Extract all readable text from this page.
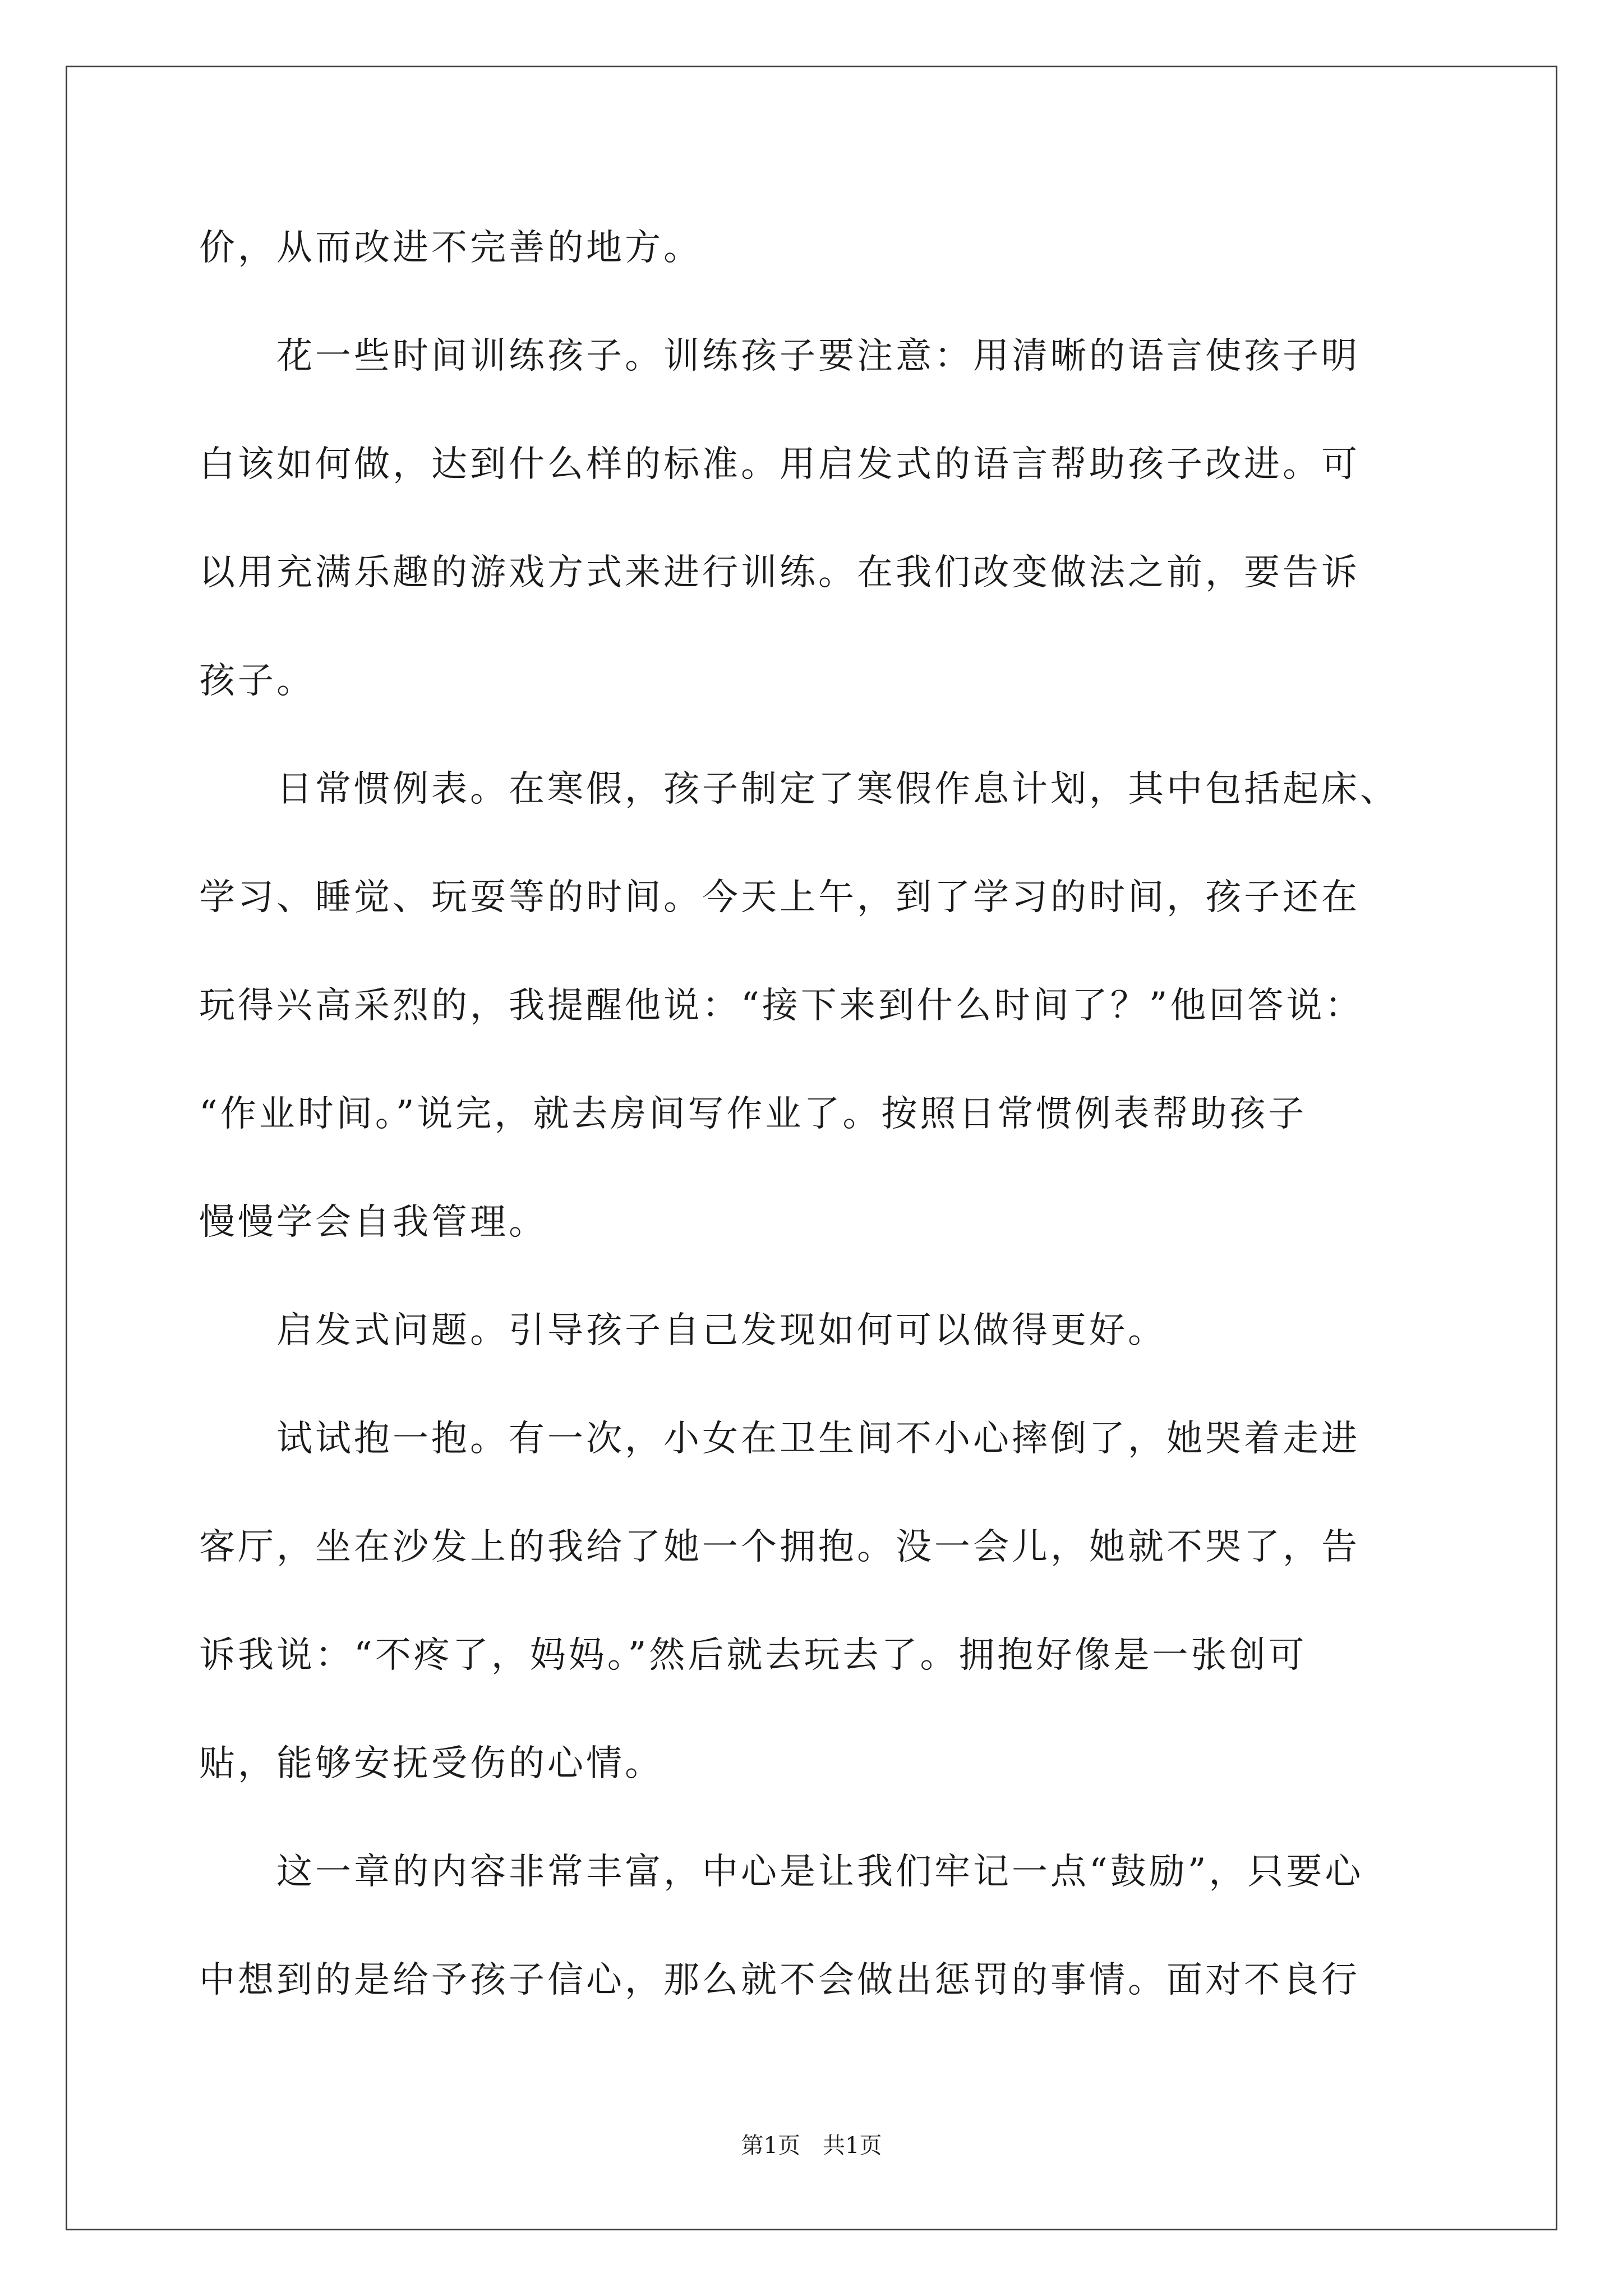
价，从而改进不完善的地方。

　　花一些时间训练孩子。训练孩子要注意：用清晰的语言使孩子明

白该如何做，达到什么样的标准。用启发式的语言帮助孩子改进。可

以用充满乐趣的游戏方式来进行训练。在我们改变做法之前，要告诉

孩子。

　　日常惯例表。在寒假，孩子制定了寒假作息计划，其中包括起床、

学习、睡觉、玩耍等的时间。今天上午，到了学习的时间，孩子还在

玩得兴高采烈的，我提醒他说：“接下来到什么时间了？”他回答说：

“作业时间。”说完，就去房间写作业了。按照日常惯例表帮助孩子

慢慢学会自我管理。

　　启发式问题。引导孩子自己发现如何可以做得更好。

　　试试抱一抱。有一次，小女在卫生间不小心摔倒了，她哭着走进

客厅，坐在沙发上的我给了她一个拥抱。没一会儿，她就不哭了，告

诉我说：“不疼了，妈妈。”然后就去玩去了。拥抱好像是一张创可

贴，能够安抚受伤的心情。

　　这一章的内容非常丰富，中心是让我们牢记一点“鼓励”，只要心

中想到的是给予孩子信心，那么就不会做出惩罚的事情。面对不良行

第1页　共1页
